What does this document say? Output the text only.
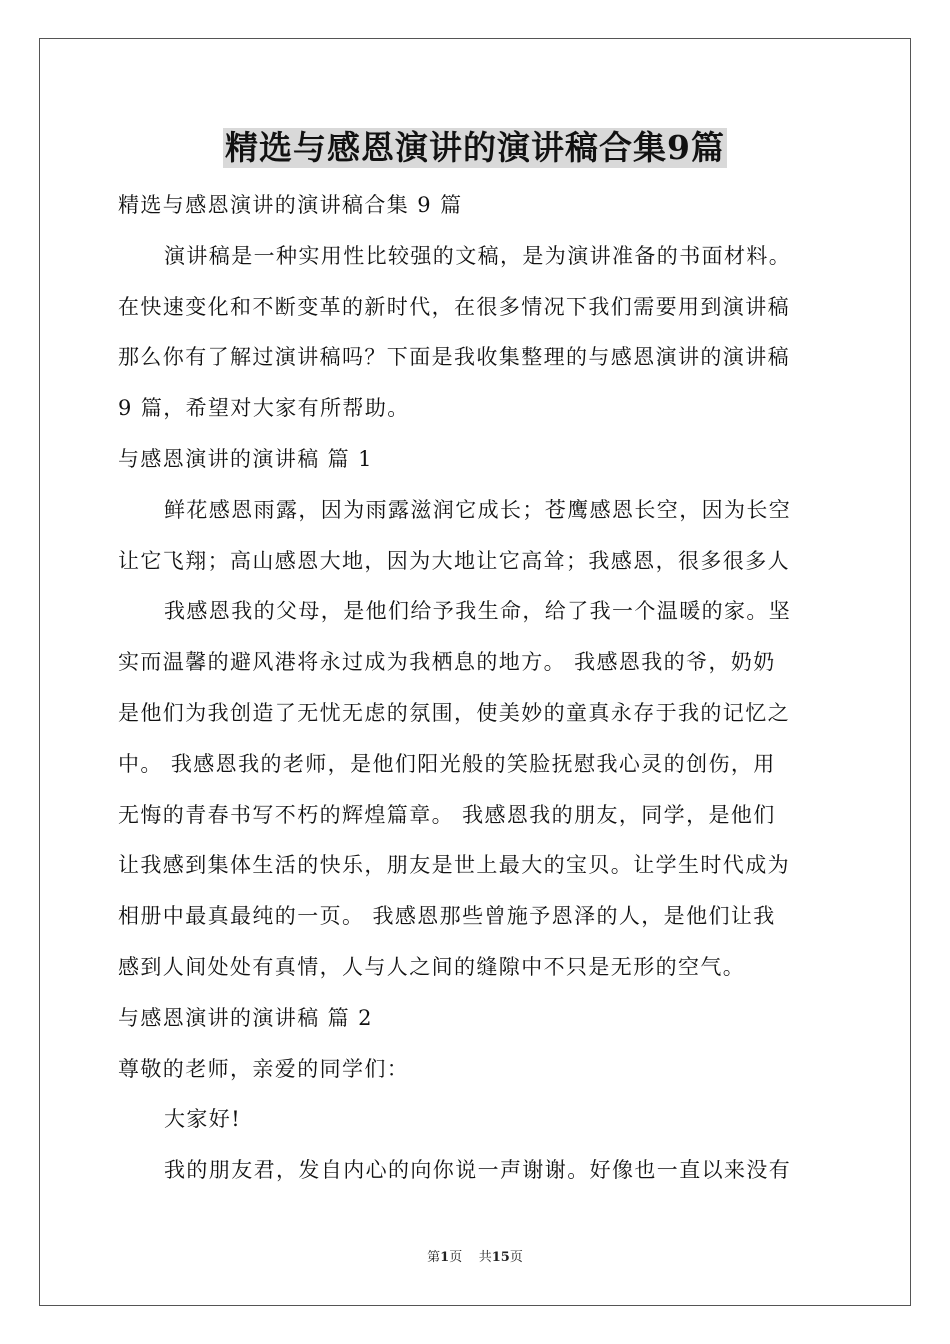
精选与感恩演讲的演讲稿合集9篇
精选与感恩演讲的演讲稿合集 9 篇
演讲稿是一种实用性比较强的文稿，是为演讲准备的书面材料。
在快速变化和不断变革的新时代，在很多情况下我们需要用到演讲稿
那么你有了解过演讲稿吗？下面是我收集整理的与感恩演讲的演讲稿
9 篇，希望对大家有所帮助。
与感恩演讲的演讲稿 篇 1
鲜花感恩雨露，因为雨露滋润它成长；苍鹰感恩长空，因为长空
让它飞翔；高山感恩大地，因为大地让它高耸；我感恩，很多很多人
我感恩我的父母，是他们给予我生命，给了我一个温暖的家。坚
实而温馨的避风港将永过成为我栖息的地方。 我感恩我的爷，奶奶
是他们为我创造了无忧无虑的氛围，使美妙的童真永存于我的记忆之
中。 我感恩我的老师，是他们阳光般的笑脸抚慰我心灵的创伤，用
无悔的青春书写不朽的辉煌篇章。 我感恩我的朋友，同学，是他们
让我感到集体生活的快乐，朋友是世上最大的宝贝。让学生时代成为
相册中最真最纯的一页。 我感恩那些曾施予恩泽的人，是他们让我
感到人间处处有真情，人与人之间的缝隙中不只是无形的空气。
与感恩演讲的演讲稿 篇 2
尊敬的老师，亲爱的同学们：
大家好!
我的朋友君，发自内心的向你说一声谢谢。好像也一直以来没有
第1页    共15页
